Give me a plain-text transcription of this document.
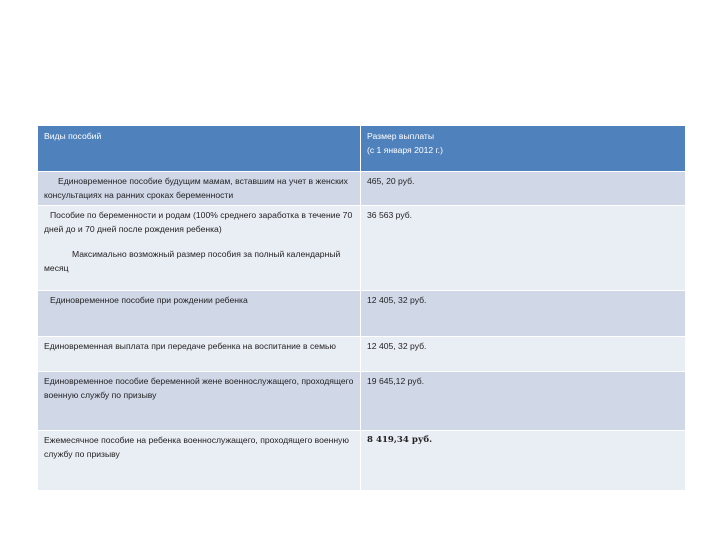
Виды пособий	Размер выплаты
(с 1 января 2012 г.)

Единовременное пособие будущим мамам, вставшим на учет в женских консультациях на ранних сроках беременности	465, 20 руб.

Пособие по беременности и родам (100% среднего заработка в течение 70 дней до и 70 дней после рождения ребенка)
Максимально возможный размер пособия за полный календарный месяц	36 563 руб.

Единовременное пособие при рождении ребенка	12 405, 32 руб.
Единовременная выплата при передаче ребенка на воспитание в семью	12 405, 32 руб.
Единовременное пособие беременной жене военнослужащего, проходящего военную службу по призыву	19 645,12 руб.
Ежемесячное пособие на ребенка военнослужащего, проходящего военную службу по призыву	8 419,34 руб.
